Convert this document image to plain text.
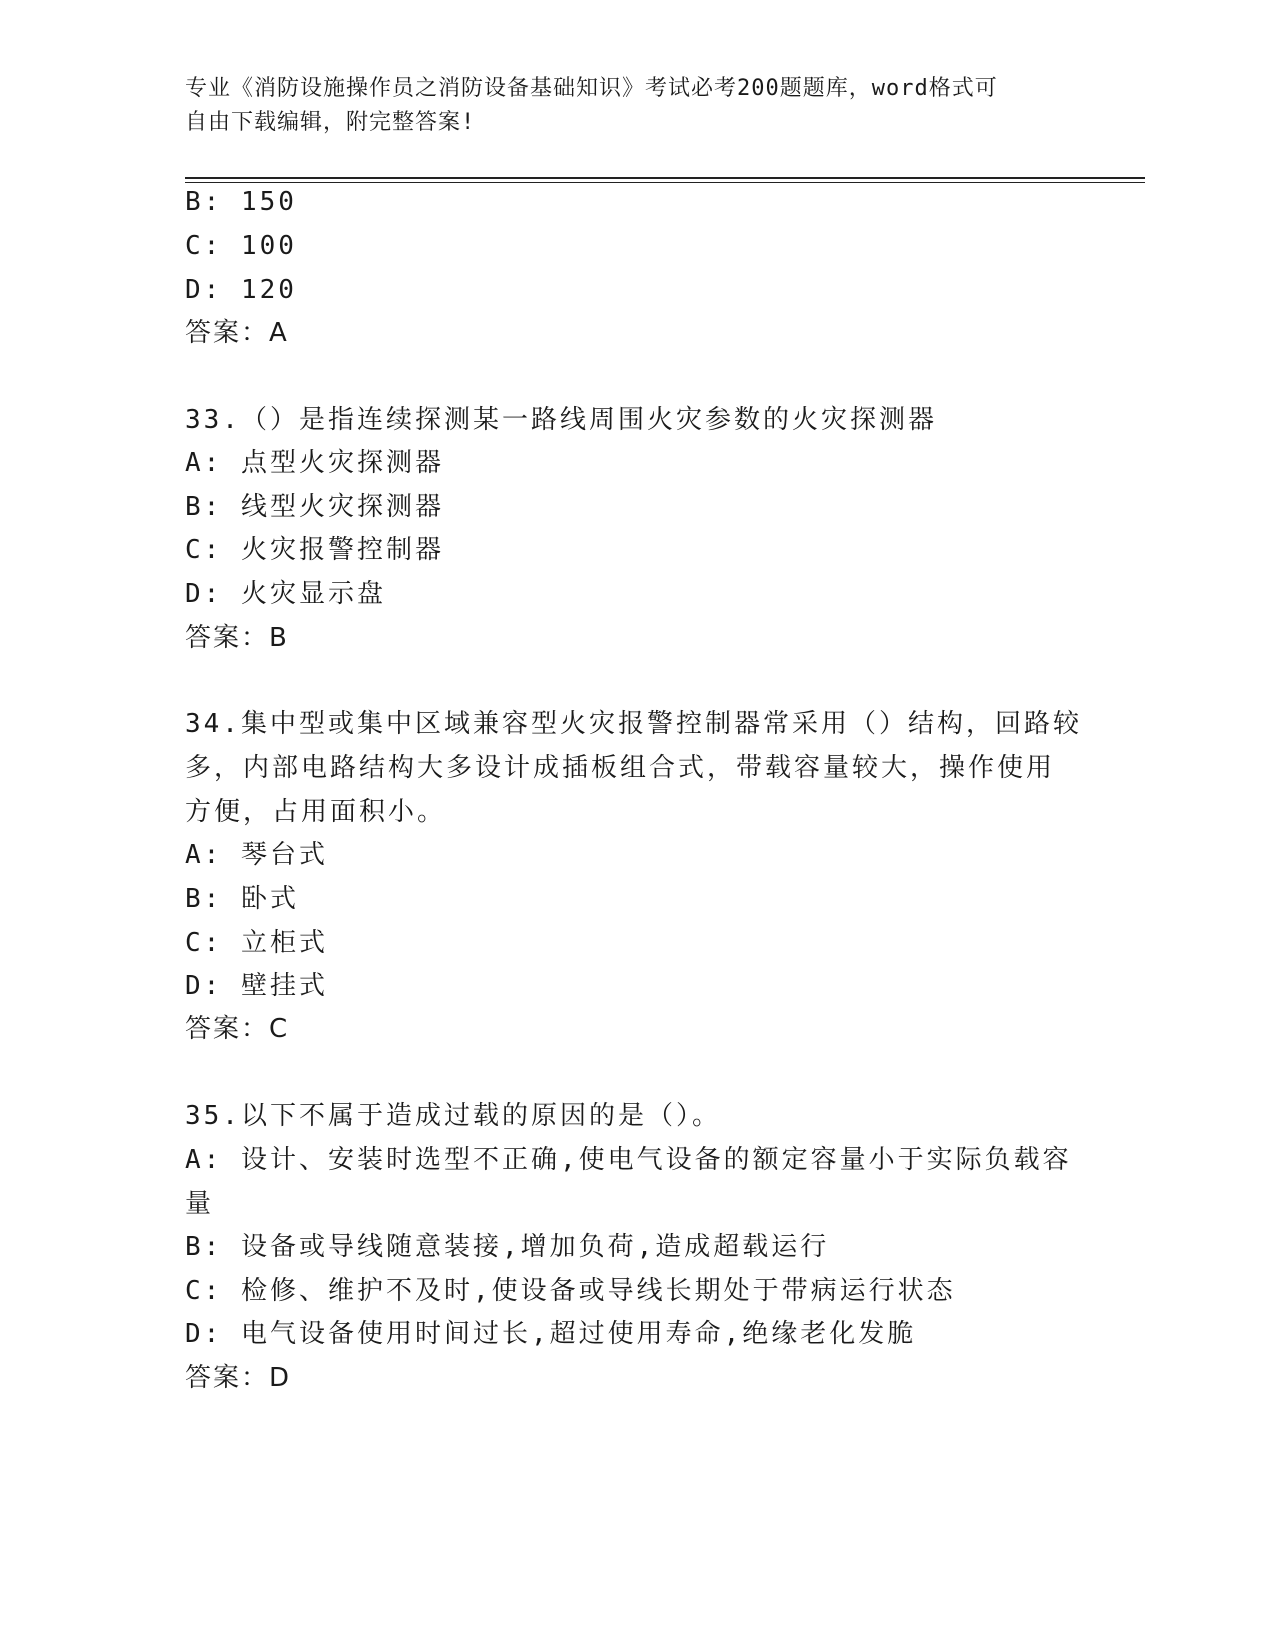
专业《消防设施操作员之消防设备基础知识》考试必考200题题库，word格式可
自由下载编辑，附完整答案!
B: 150
C: 100
D: 120
答案：A
33.（）是指连续探测某一路线周围火灾参数的火灾探测器
A: 点型火灾探测器
B: 线型火灾探测器
C: 火灾报警控制器
D: 火灾显示盘
答案：B
34.集中型或集中区域兼容型火灾报警控制器常采用（）结构，回路较
多，内部电路结构大多设计成插板组合式，带载容量较大，操作使用
方便，占用面积小。
A: 琴台式
B: 卧式
C: 立柜式
D: 壁挂式
答案：C
35.以下不属于造成过载的原因的是（）。
A: 设计、安装时选型不正确,使电气设备的额定容量小于实际负载容
量
B: 设备或导线随意装接,增加负荷,造成超载运行
C: 检修、维护不及时,使设备或导线长期处于带病运行状态
D: 电气设备使用时间过长,超过使用寿命,绝缘老化发脆
答案：D
